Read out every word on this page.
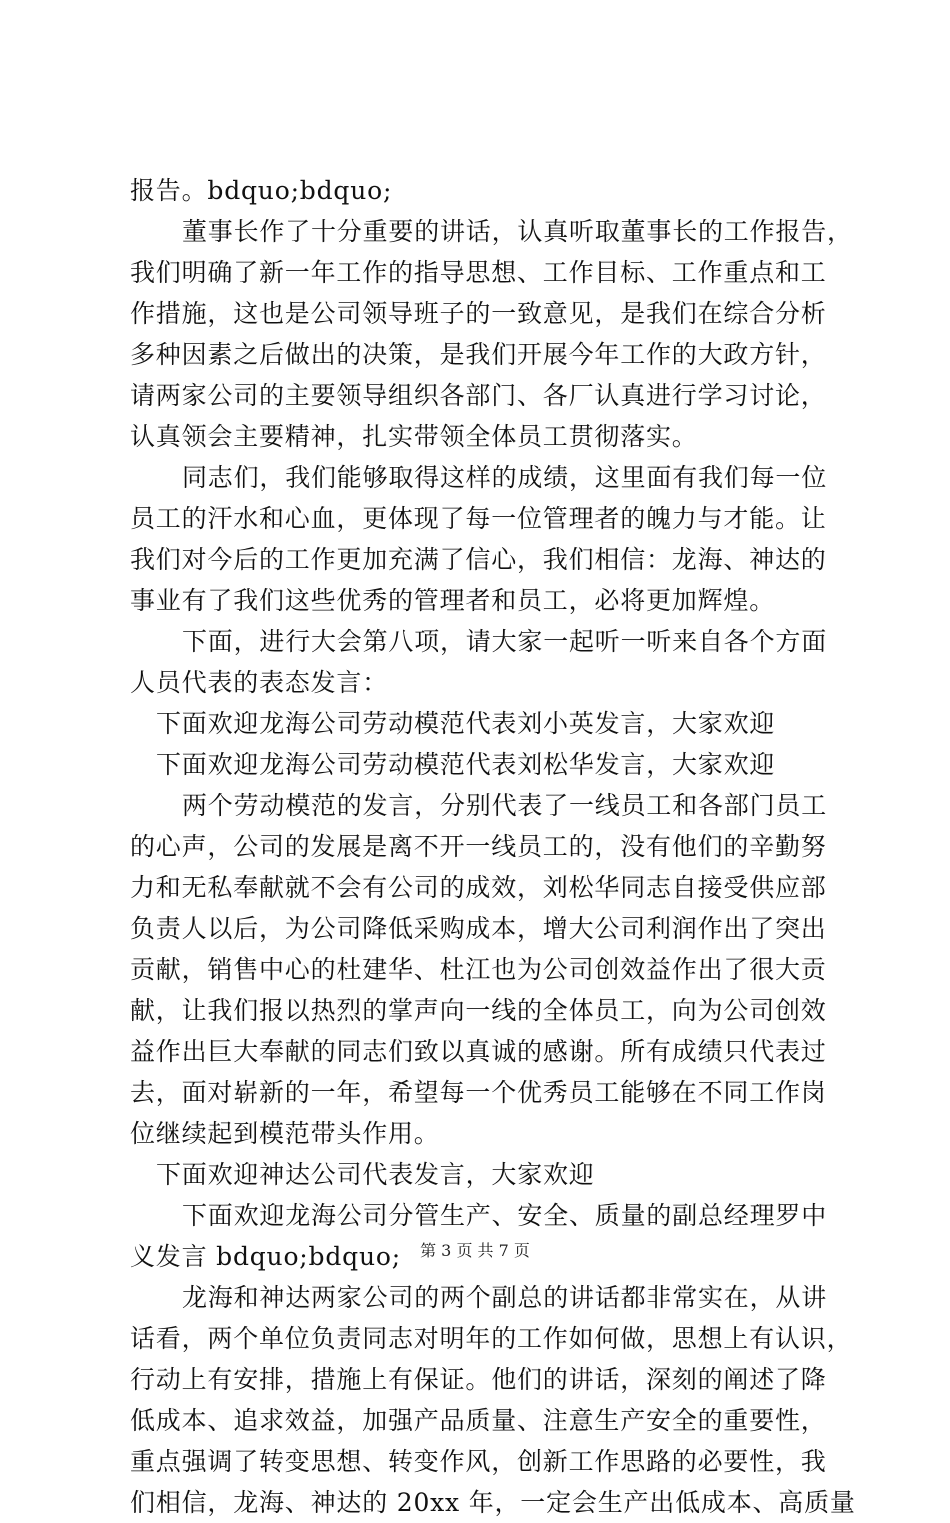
报告。bdquo;bdquo;
董事长作了十分重要的讲话，认真听取董事长的工作报告，
我们明确了新一年工作的指导思想、工作目标、工作重点和工
作措施，这也是公司领导班子的一致意见，是我们在综合分析
多种因素之后做出的决策，是我们开展今年工作的大政方针，
请两家公司的主要领导组织各部门、各厂认真进行学习讨论，
认真领会主要精神，扎实带领全体员工贯彻落实。
同志们，我们能够取得这样的成绩，这里面有我们每一位
员工的汗水和心血，更体现了每一位管理者的魄力与才能。让
我们对今后的工作更加充满了信心，我们相信：龙海、神达的
事业有了我们这些优秀的管理者和员工，必将更加辉煌。
下面，进行大会第八项，请大家一起听一听来自各个方面
人员代表的表态发言：
下面欢迎龙海公司劳动模范代表刘小英发言，大家欢迎
下面欢迎龙海公司劳动模范代表刘松华发言，大家欢迎
两个劳动模范的发言，分别代表了一线员工和各部门员工
的心声，公司的发展是离不开一线员工的，没有他们的辛勤努
力和无私奉献就不会有公司的成效，刘松华同志自接受供应部
负责人以后，为公司降低采购成本，增大公司利润作出了突出
贡献，销售中心的杜建华、杜江也为公司创效益作出了很大贡
献，让我们报以热烈的掌声向一线的全体员工，向为公司创效
益作出巨大奉献的同志们致以真诚的感谢。所有成绩只代表过
去，面对崭新的一年，希望每一个优秀员工能够在不同工作岗
位继续起到模范带头作用。
下面欢迎神达公司代表发言，大家欢迎
下面欢迎龙海公司分管生产、安全、质量的副总经理罗中
义发言 bdquo;bdquo;
龙海和神达两家公司的两个副总的讲话都非常实在，从讲
话看，两个单位负责同志对明年的工作如何做，思想上有认识，
行动上有安排，措施上有保证。他们的讲话，深刻的阐述了降
低成本、追求效益，加强产品质量、注意生产安全的重要性，
重点强调了转变思想、转变作风，创新工作思路的必要性，我
们相信，龙海、神达的 20xx 年，一定会生产出低成本、高质量
第 3 页 共 7 页
